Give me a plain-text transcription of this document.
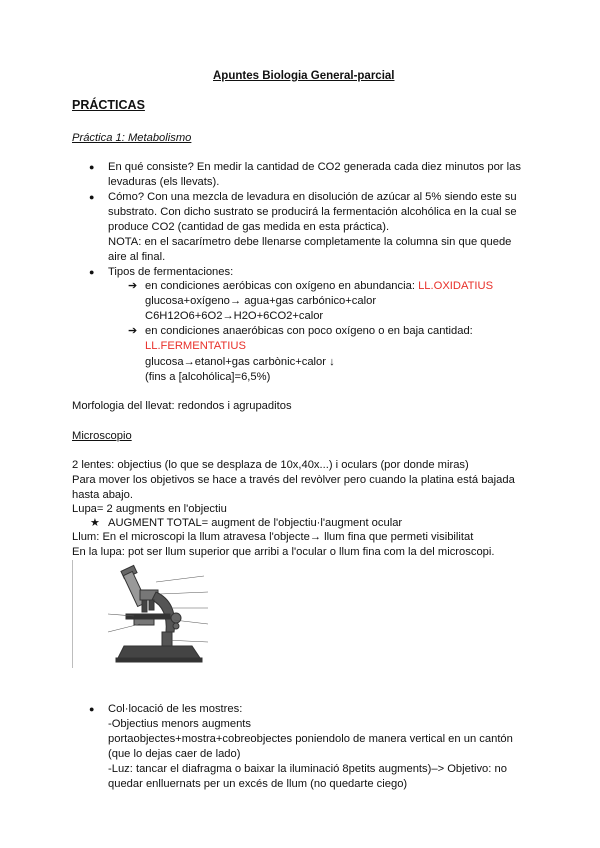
Apuntes Biologia General-parcial
PRÁCTICAS
Práctica 1: Metabolismo
● En qué consiste? En medir la cantidad de CO2 generada cada diez minutos por las
levaduras (els llevats).
● Cómo? Con una mezcla de levadura en disolución de azúcar al 5% siendo este su
substrato. Con dicho sustrato se producirá la fermentación alcohólica en la cual se
produce CO2 (cantidad de gas medida en esta práctica).
NOTA: en el sacarímetro debe llenarse completamente la columna sin que quede
aire al final.
● Tipos de fermentaciones:
➔ en condiciones aeróbicas con oxígeno en abundancia: LL.OXIDATIUS
glucosa+oxígeno→ agua+gas carbónico+calor
C6H12O6+6O2→H2O+6CO2+calor
➔ en condiciones anaeróbicas con poco oxígeno o en baja cantidad:
LL.FERMENTATIUS
glucosa→etanol+gas carbònic+calor ↓
(fins a [alcohólica]=6,5%)
Morfologia del llevat: redondos i agrupaditos
Microscopio
2 lentes: objectius (lo que se desplaza de 10x,40x...) i oculars (por donde miras)
Para mover los objetivos se hace a través del revòlver pero cuando la platina está bajada
hasta abajo.
Lupa= 2 augments en l'objectiu
★ AUGMENT TOTAL= augment de l'objectiu·l'augment ocular
Llum: En el microscopi la llum atravesa l'objecte→ llum fina que permeti visibilitat
En la lupa: pot ser llum superior que arribi a l'ocular o llum fina com la del microscopi.
● Col·locació de les mostres:
-Objectius menors augments
portaobjectes+mostra+cobreobjectes poniendolo de manera vertical en un cantón
(que lo dejas caer de lado)
-Luz: tancar el diafragma o baixar la iluminació 8petits augments)–> Objetivo: no
quedar enlluernats per un excés de llum (no quedarte ciego)
